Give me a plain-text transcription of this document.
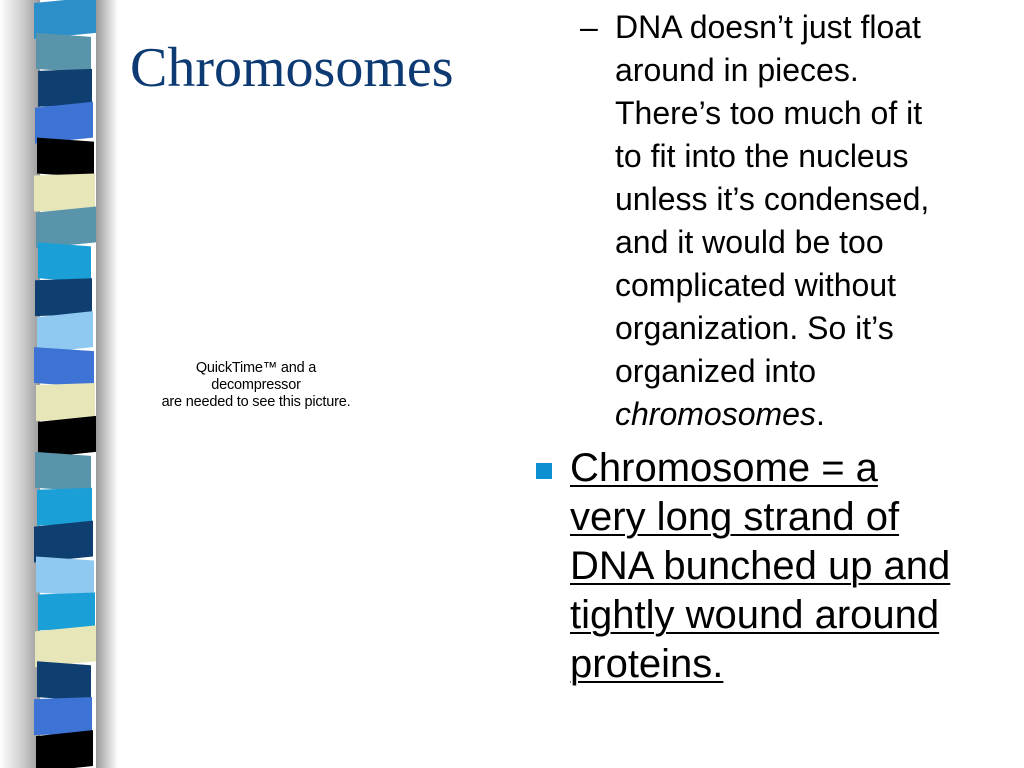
Chromosomes
QuickTime™ and a
decompressor
are needed to see this picture.
– DNA doesn’t just float
around in pieces.
There’s too much of it
to fit into the nucleus
unless it’s condensed,
and it would be too
complicated without
organization. So it’s
organized into
chromosomes.
Chromosome = a
very long strand of
DNA bunched up and
tightly wound around
proteins.
